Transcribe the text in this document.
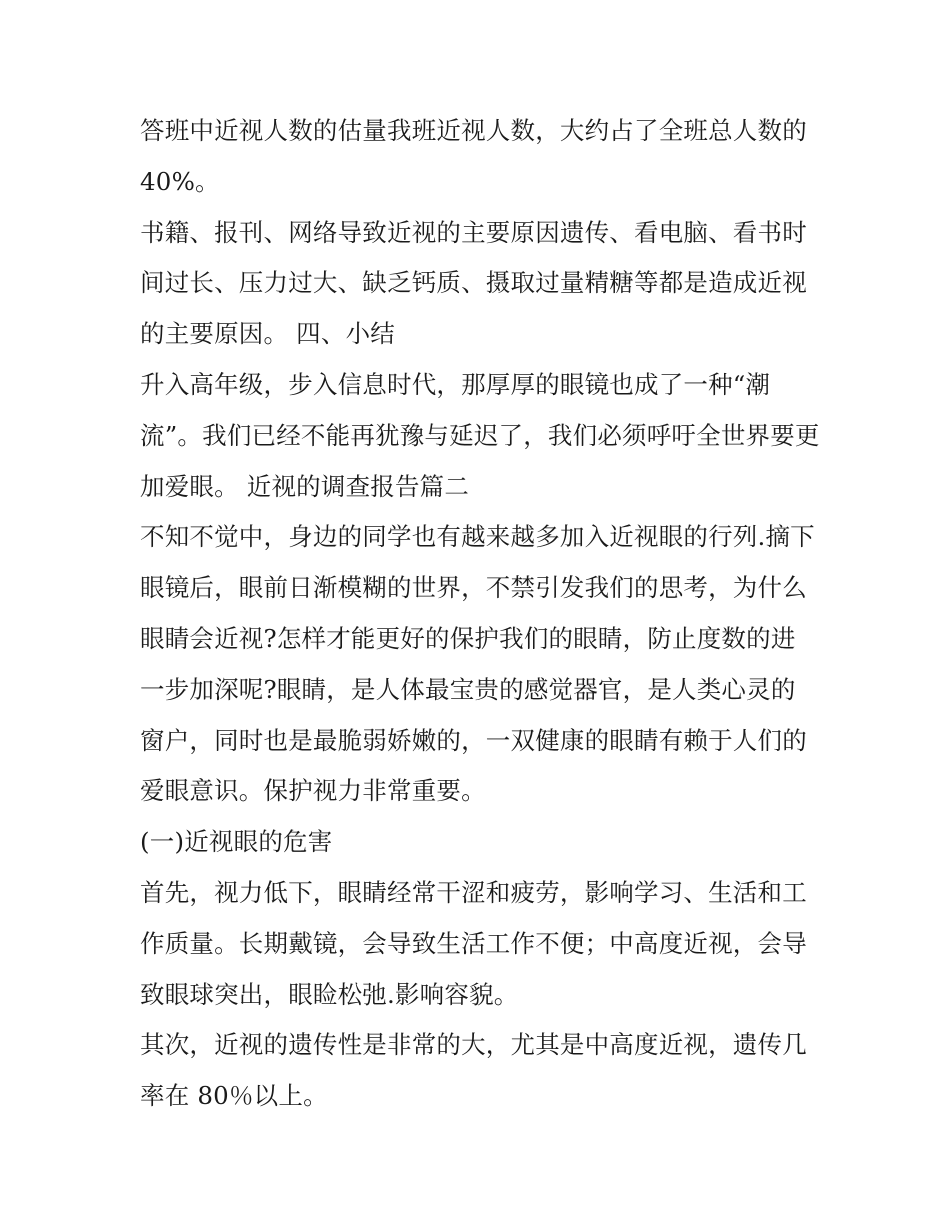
答班中近视人数的估量我班近视人数，大约占了全班总人数的40%。

书籍、报刊、网络导致近视的主要原因遗传、看电脑、看书时间过长、压力过大、缺乏钙质、摄取过量精糖等都是造成近视的主要原因。 四、小结

升入高年级，步入信息时代，那厚厚的眼镜也成了一种“潮流”。我们已经不能再犹豫与延迟了，我们必须呼吁全世界要更加爱眼。 近视的调查报告篇二

不知不觉中，身边的同学也有越来越多加入近视眼的行列.摘下眼镜后，眼前日渐模糊的世界，不禁引发我们的思考，为什么眼睛会近视?怎样才能更好的保护我们的眼睛，防止度数的进一步加深呢?眼睛，是人体最宝贵的感觉器官，是人类心灵的窗户，同时也是最脆弱娇嫩的，一双健康的眼睛有赖于人们的爱眼意识。保护视力非常重要。

(一)近视眼的危害

首先，视力低下，眼睛经常干涩和疲劳，影响学习、生活和工作质量。长期戴镜，会导致生活工作不便；中高度近视，会导致眼球突出，眼睑松弛.影响容貌。

其次，近视的遗传性是非常的大，尤其是中高度近视，遗传几率在 80％以上。
